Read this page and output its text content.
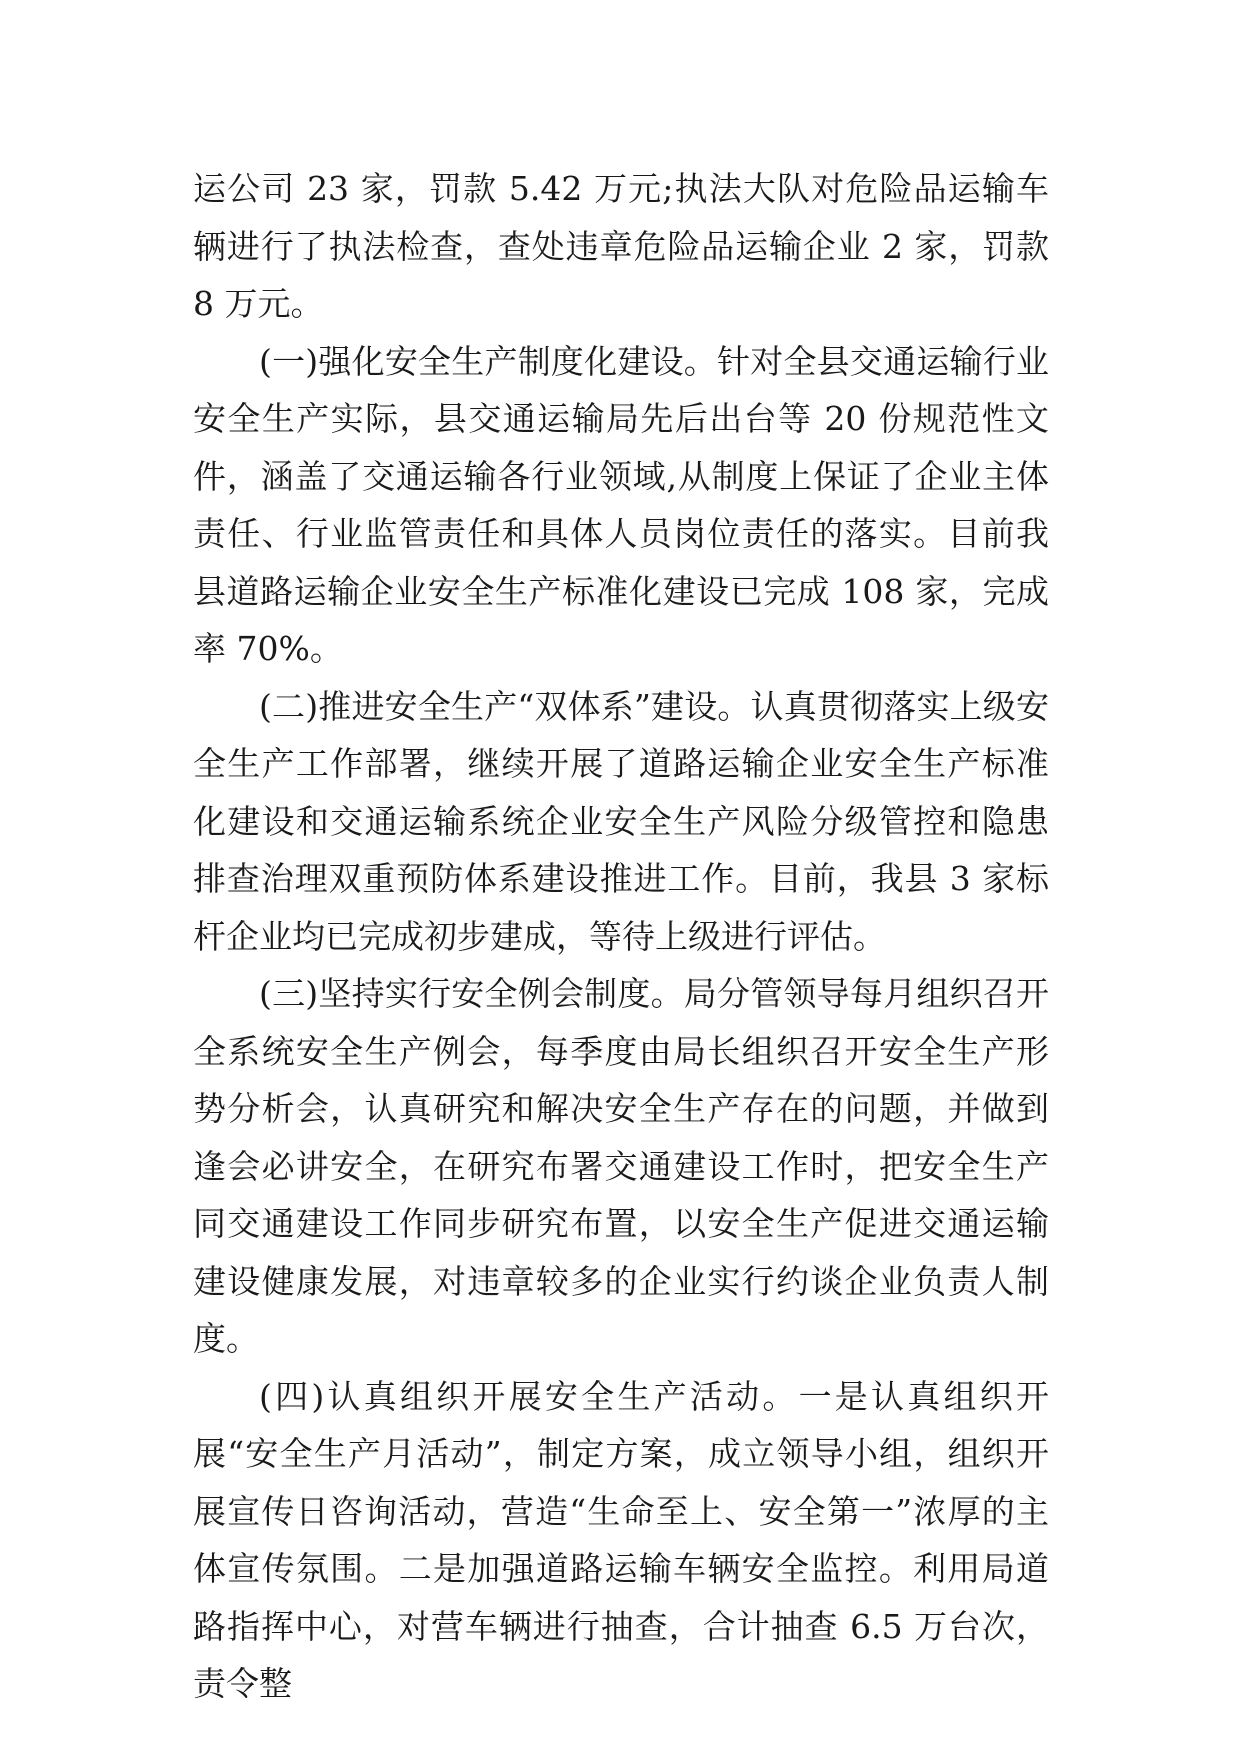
运公司 23 家，罚款 5.42 万元;执法大队对危险品运输车辆进行了执法检查，查处违章危险品运输企业 2 家，罚款 8 万元。

(一)强化安全生产制度化建设。针对全县交通运输行业安全生产实际，县交通运输局先后出台等 20 份规范性文件，涵盖了交通运输各行业领域,从制度上保证了企业主体责任、行业监管责任和具体人员岗位责任的落实。目前我县道路运输企业安全生产标准化建设已完成 108 家，完成率 70%。

(二)推进安全生产“双体系”建设。认真贯彻落实上级安全生产工作部署，继续开展了道路运输企业安全生产标准化建设和交通运输系统企业安全生产风险分级管控和隐患排查治理双重预防体系建设推进工作。目前，我县 3 家标杆企业均已完成初步建成，等待上级进行评估。

(三)坚持实行安全例会制度。局分管领导每月组织召开全系统安全生产例会，每季度由局长组织召开安全生产形势分析会，认真研究和解决安全生产存在的问题，并做到逢会必讲安全，在研究布署交通建设工作时，把安全生产同交通建设工作同步研究布置，以安全生产促进交通运输建设健康发展，对违章较多的企业实行约谈企业负责人制度。

(四)认真组织开展安全生产活动。一是认真组织开展“安全生产月活动”，制定方案，成立领导小组，组织开展宣传日咨询活动，营造“生命至上、安全第一”浓厚的主体宣传氛围。二是加强道路运输车辆安全监控。利用局道路指挥中心，对营车辆进行抽查，合计抽查 6.5 万台次，责令整
